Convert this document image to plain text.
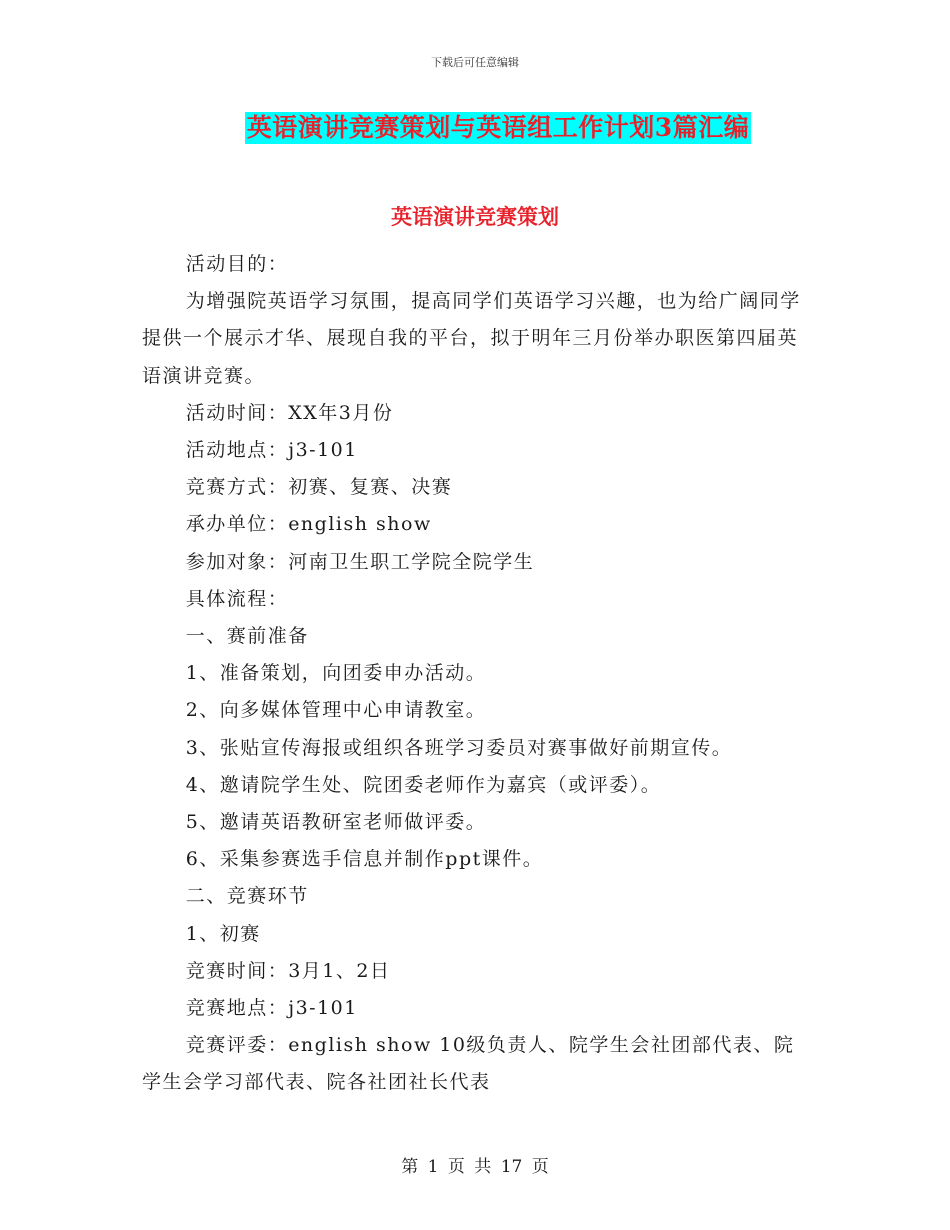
下载后可任意编辑
英语演讲竞赛策划与英语组工作计划3篇汇编
英语演讲竞赛策划

活动目的：

为增强院英语学习氛围，提高同学们英语学习兴趣，也为给广阔同学提供一个展示才华、展现自我的平台，拟于明年三月份举办职医第四届英语演讲竞赛。

活动时间：XX年3月份

活动地点：j3-101

竞赛方式：初赛、复赛、决赛

承办单位：english show

参加对象：河南卫生职工学院全院学生

具体流程：

一、赛前准备

1、准备策划，向团委申办活动。

2、向多媒体管理中心申请教室。

3、张贴宣传海报或组织各班学习委员对赛事做好前期宣传。

4、邀请院学生处、院团委老师作为嘉宾（或评委）。

5、邀请英语教研室老师做评委。

6、采集参赛选手信息并制作ppt课件。

二、竞赛环节

1、初赛

竞赛时间：3月1、2日

竞赛地点：j3-101

竞赛评委：english show 10级负责人、院学生会社团部代表、院学生会学习部代表、院各社团社长代表

第 1 页 共 17 页
